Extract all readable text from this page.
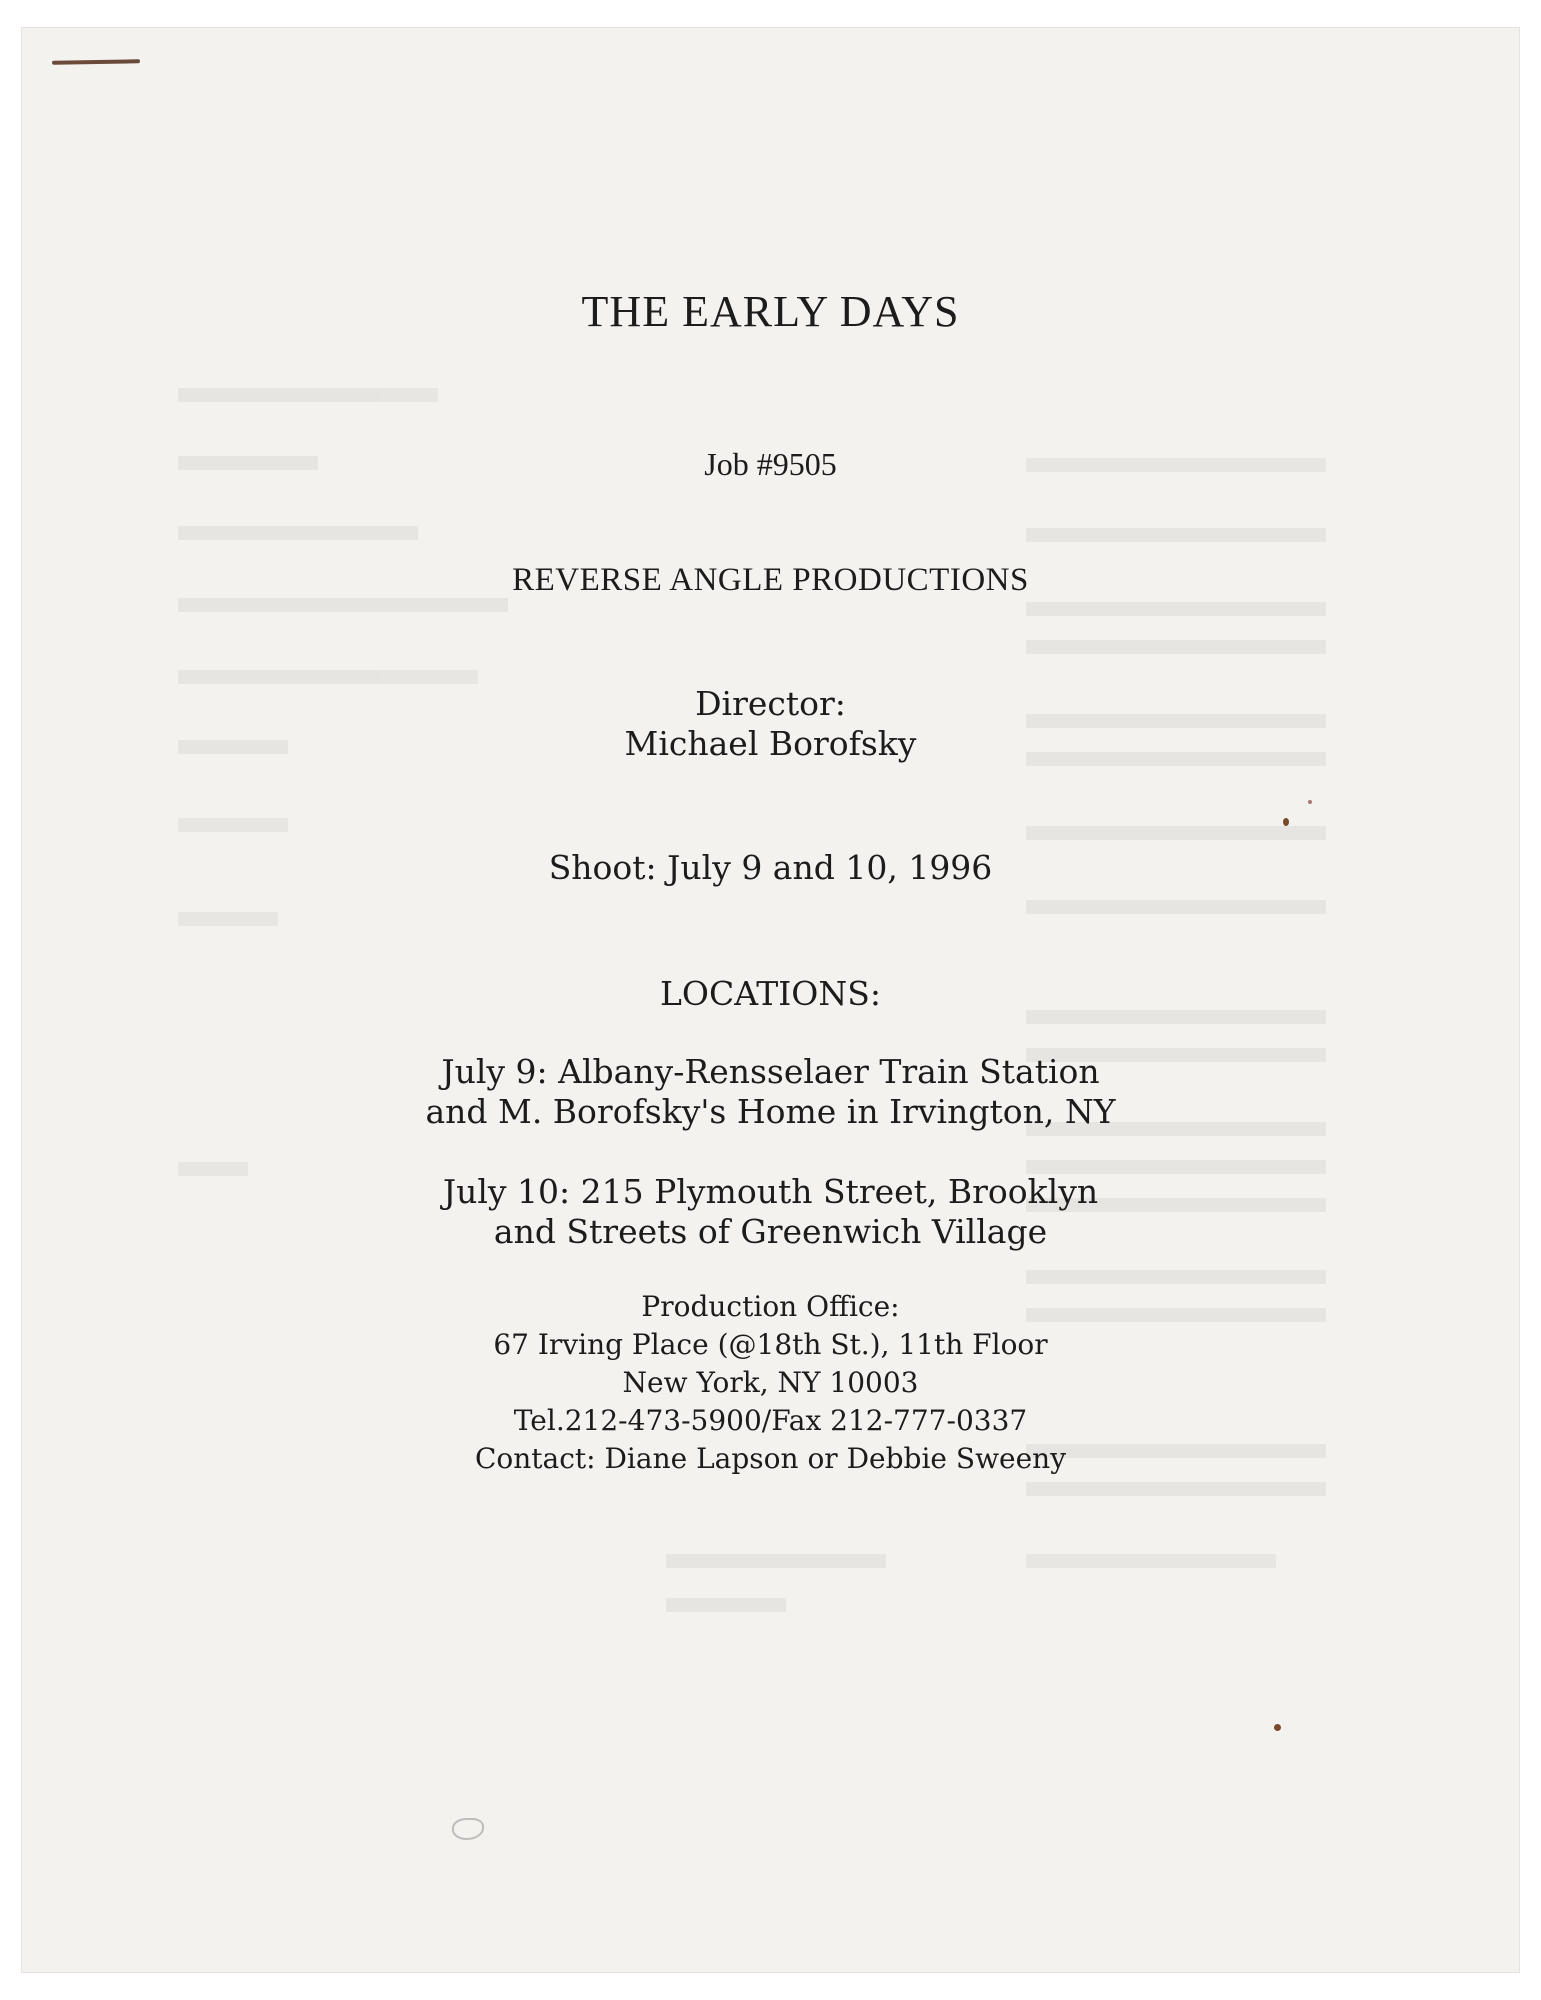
THE EARLY DAYS
Job #9505
REVERSE ANGLE PRODUCTIONS
Director:
Michael Borofsky
Shoot: July 9 and 10, 1996
LOCATIONS:
July 9: Albany-Rensselaer Train Station
and M. Borofsky's Home in Irvington, NY
July 10: 215 Plymouth Street, Brooklyn
and Streets of Greenwich Village
Production Office:
67 Irving Place (@18th St.), 11th Floor
New York, NY 10003
Tel.212-473-5900/Fax 212-777-0337
Contact: Diane Lapson or Debbie Sweeny
